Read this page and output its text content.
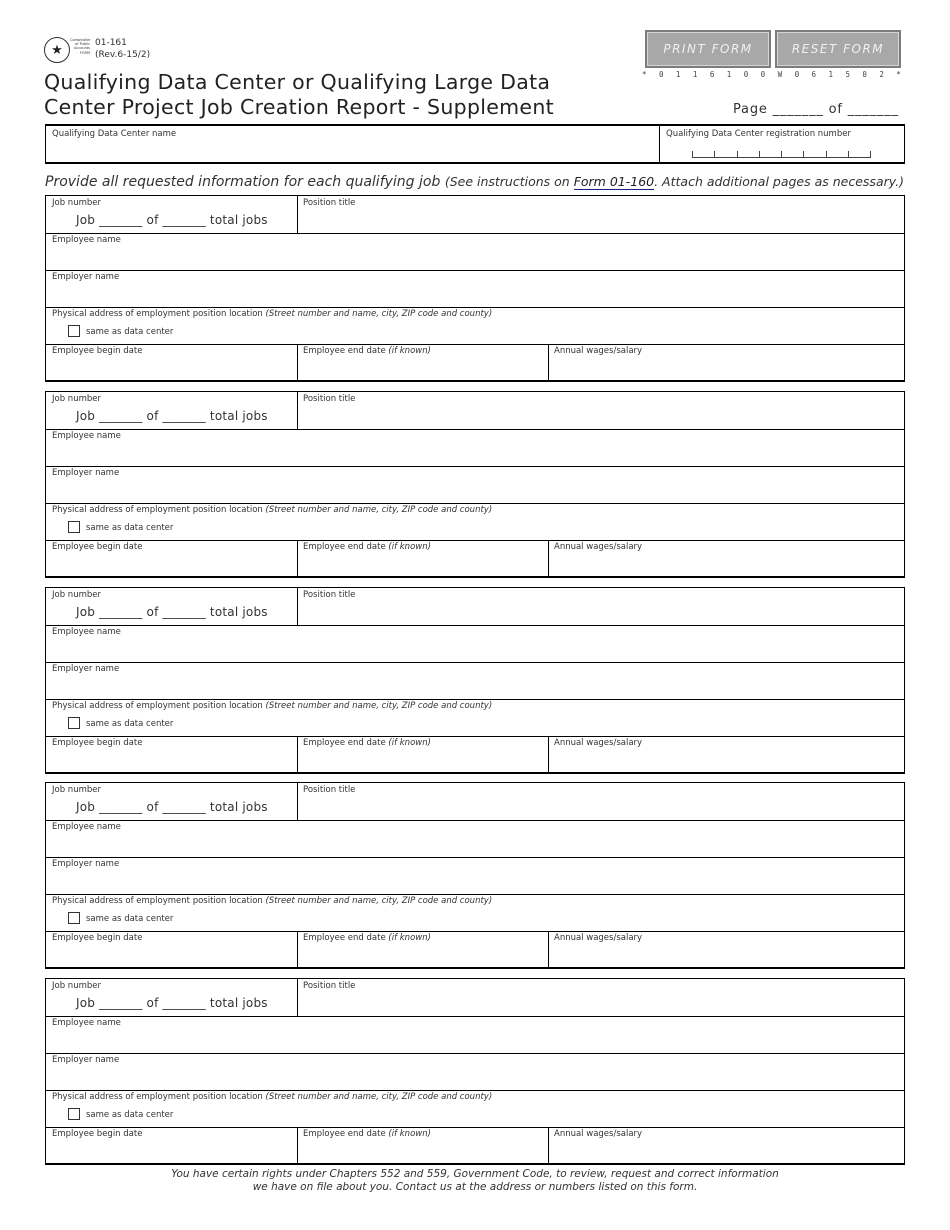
★
Comptroller of Public Accounts FORM
01-161
(Rev.6-15/2)
Qualifying Data Center or Qualifying Large Data
Center Project Job Creation Report - Supplement
PRINT FORM	RESET FORM
* 0 1 1 6 1 0 0 W 0 6 1 5 0 2 *
Page _______ of _______
Qualifying Data Center name	Qualifying Data Center registration number
Provide all requested information for each qualifying job (See instructions on Form 01-160. Attach additional pages as necessary.)
Job number
Job _______ of _______ total jobs
Position title
Employee name
Employer name
Physical address of employment position location (Street number and name, city, ZIP code and county)
same as data center
Employee begin date	Employee end date (if known)	Annual wages/salary
Job number
Job _______ of _______ total jobs
Position title
Employee name
Employer name
Physical address of employment position location (Street number and name, city, ZIP code and county)
same as data center
Employee begin date	Employee end date (if known)	Annual wages/salary
Job number
Job _______ of _______ total jobs
Position title
Employee name
Employer name
Physical address of employment position location (Street number and name, city, ZIP code and county)
same as data center
Employee begin date	Employee end date (if known)	Annual wages/salary
Job number
Job _______ of _______ total jobs
Position title
Employee name
Employer name
Physical address of employment position location (Street number and name, city, ZIP code and county)
same as data center
Employee begin date	Employee end date (if known)	Annual wages/salary
Job number
Job _______ of _______ total jobs
Position title
Employee name
Employer name
Physical address of employment position location (Street number and name, city, ZIP code and county)
same as data center
Employee begin date	Employee end date (if known)	Annual wages/salary
You have certain rights under Chapters 552 and 559, Government Code, to review, request and correct information
we have on file about you. Contact us at the address or numbers listed on this form.
